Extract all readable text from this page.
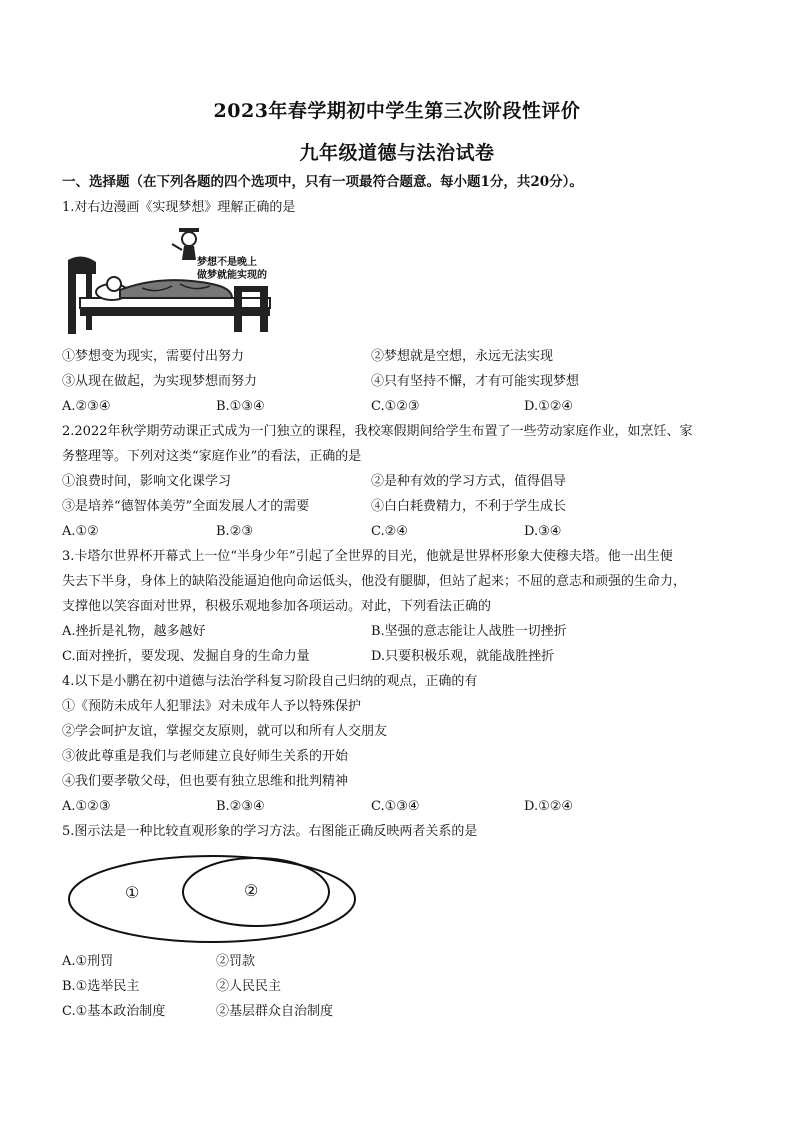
2023年春学期初中学生第三次阶段性评价
九年级道德与法治试卷
一、选择题（在下列各题的四个选项中，只有一项最符合题意。每小题1分，共20分）。
1.对右边漫画《实现梦想》理解正确的是
梦想不是晚上
做梦就能实现的
①梦想变为现实，需要付出努力	②梦想就是空想，永远无法实现
③从现在做起，为实现梦想而努力	④只有坚持不懈，才有可能实现梦想
A.②③④	B.①③④	C.①②③	D.①②④
2.2022年秋学期劳动课正式成为一门独立的课程，我校寒假期间给学生布置了一些劳动家庭作业，如烹饪、家
务整理等。下列对这类“家庭作业”的看法，正确的是
①浪费时间，影响文化课学习	②是种有效的学习方式，值得倡导
③是培养“德智体美劳”全面发展人才的需要	④白白耗费精力，不利于学生成长
A.①②	B.②③	C.②④	D.③④
3.卡塔尔世界杯开幕式上一位“半身少年”引起了全世界的目光，他就是世界杯形象大使穆夫塔。他一出生便
失去下半身，身体上的缺陷没能逼迫他向命运低头，他没有腿脚，但站了起来；不屈的意志和顽强的生命力，
支撑他以笑容面对世界，积极乐观地参加各项运动。对此，下列看法正确的
A.挫折是礼物，越多越好	B.坚强的意志能让人战胜一切挫折
C.面对挫折，要发现、发掘自身的生命力量	D.只要积极乐观，就能战胜挫折
4.以下是小鹏在初中道德与法治学科复习阶段自己归纳的观点，正确的有
①《预防未成年人犯罪法》对未成年人予以特殊保护
②学会呵护友谊，掌握交友原则，就可以和所有人交朋友
③彼此尊重是我们与老师建立良好师生关系的开始
④我们要孝敬父母，但也要有独立思维和批判精神
A.①②③	B.②③④	C.①③④	D.①②④
5.图示法是一种比较直观形象的学习方法。右图能正确反映两者关系的是
①	②
A.①刑罚	②罚款
B.①选举民主	②人民民主
C.①基本政治制度	②基层群众自治制度
